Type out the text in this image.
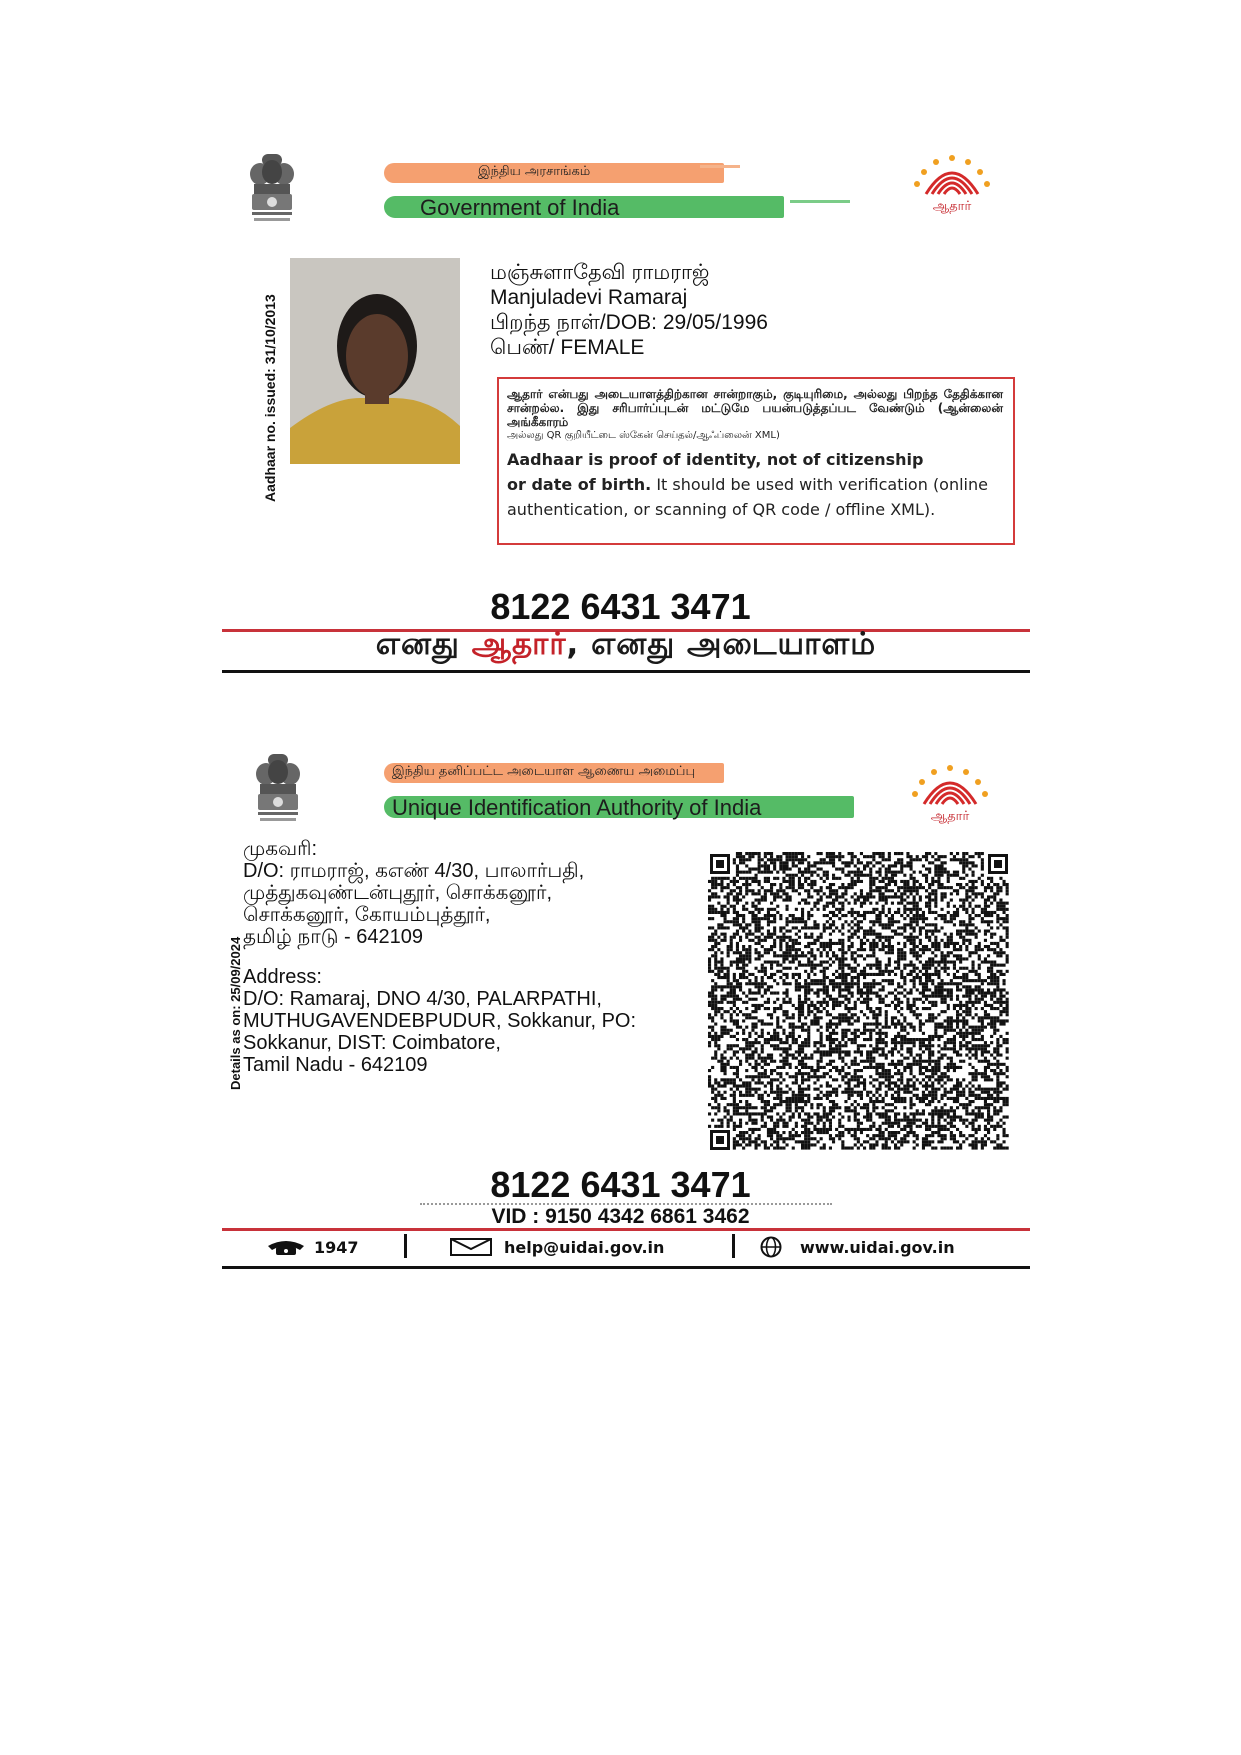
இந்திய அரசாங்கம்
Government of India	ஆதார்
Aadhaar no. issued: 31/10/2013
மஞ்சுளாதேவி ராமராஜ்
Manjuladevi Ramaraj
பிறந்த நாள்/DOB: 29/05/1996
பெண்/ FEMALE
ஆதார் என்பது அடையாளத்திற்கான சான்றாகும், குடியுரிமை, அல்லது பிறந்த தேதிக்கான சான்றல்ல. இது சரிபார்ப்புடன் மட்டுமே பயன்படுத்தப்பட வேண்டும் (ஆன்லைன் அங்கீகாரம்
அல்லது QR குறியீட்டை ஸ்கேன் செய்தல்/ஆஃப்லைன் XML)
Aadhaar is proof of identity, not of citizenship
or date of birth. It should be used with verification (online authentication, or scanning of QR code / offline XML).
8122 6431 3471
எனது ஆதார், எனது அடையாளம்
இந்திய தனிப்பட்ட அடையாள ஆணைய அமைப்பு
Unique Identification Authority of India	ஆதார்
Details as on: 25/09/2024
முகவரி:
D/O: ராமராஜ், கஎண் 4/30, பாலார்பதி,
முத்துகவுண்டன்புதூர், சொக்கனூர்,
சொக்கனூர், கோயம்புத்தூர்,
தமிழ் நாடு - 642109
Address:
D/O: Ramaraj, DNO 4/30, PALARPATHI,
MUTHUGAVENDEBPUDUR, Sokkanur, PO:
Sokkanur, DIST: Coimbatore,
Tamil Nadu - 642109
8122 6431 3471
VID : 9150 4342 6861 3462
1947	help@uidai.gov.in	www.uidai.gov.in
